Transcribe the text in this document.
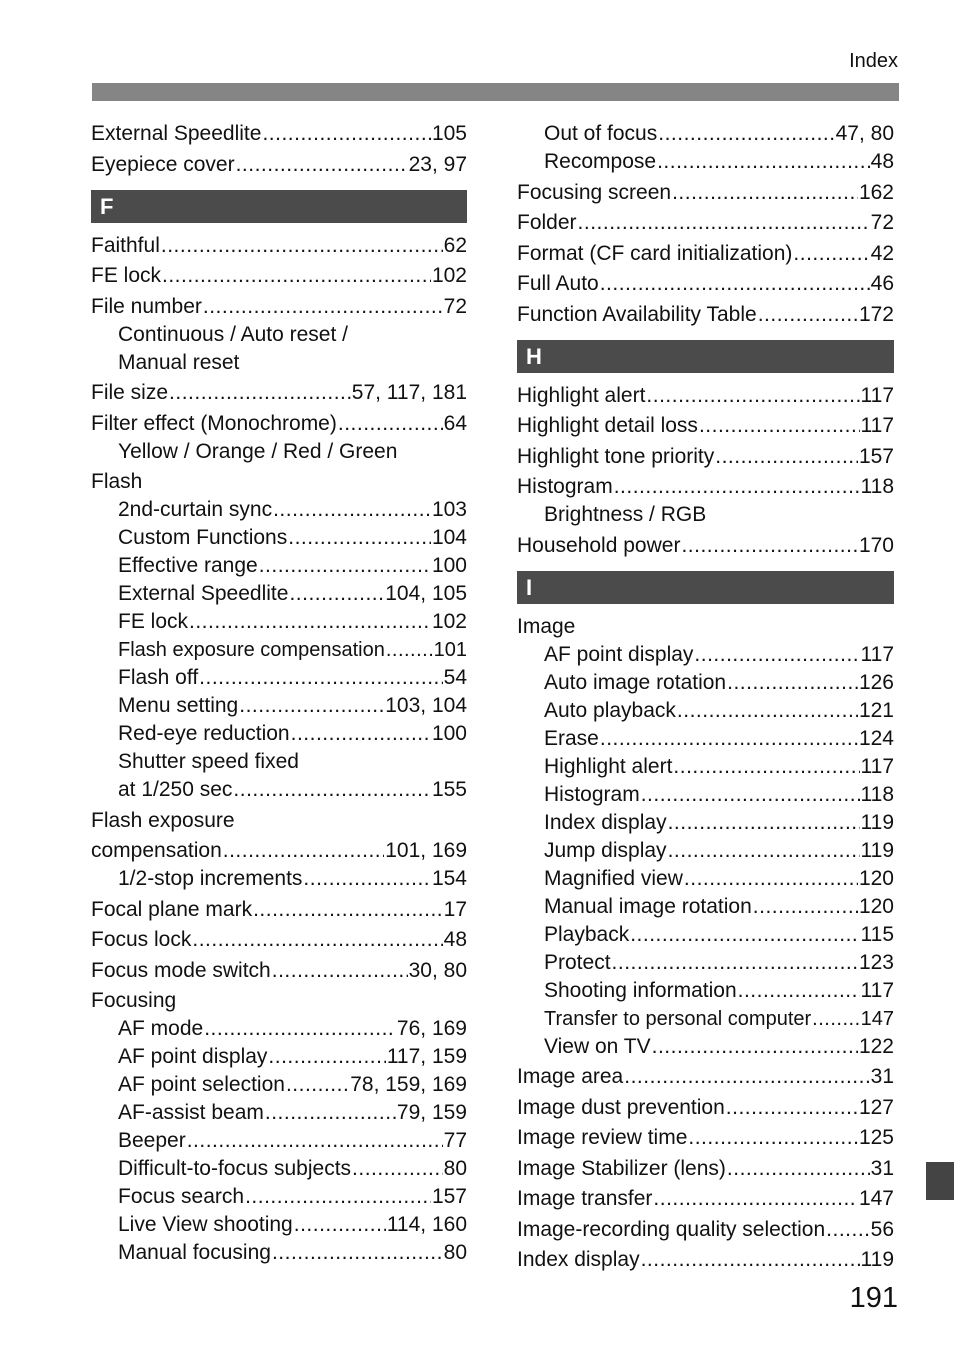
Index
External Speedlite .....	105
Eyepiece cover .....	23, 97
F
Faithful .....	62
FE lock .....	102
File number .....	72
Continuous / Auto reset /
Manual reset
File size .....	57, 117, 181
Filter effect (Monochrome) .....	64
Yellow / Orange / Red / Green
Flash
2nd-curtain sync .....	103
Custom Functions .....	104
Effective range .....	100
External Speedlite .....	104, 105
FE lock .....	102
Flash exposure compensation ..... 101
Flash off .....	54
Menu setting .....	103, 104
Red-eye reduction .....	100
Shutter speed fixed
at 1/250 sec .....	155
Flash exposure
compensation .....	101, 169
1/2-stop increments .....	154
Focal plane mark .....	17
Focus lock .....	48
Focus mode switch .....	30, 80
Focusing
AF mode .....	76, 169
AF point display .....	117, 159
AF point selection .....	78, 159, 169
AF-assist beam .....	79, 159
Beeper .....	77
Difficult-to-focus subjects .....	80
Focus search .....	157
Live View shooting .....	114, 160
Manual focusing .....	80
Out of focus .....	47, 80
Recompose .....	48
Focusing screen .....	162
Folder .....	72
Format (CF card initialization) .....	42
Full Auto .....	46
Function Availability Table .....	172
H
Highlight alert .....	117
Highlight detail loss .....	117
Highlight tone priority .....	157
Histogram .....	118
Brightness / RGB
Household power .....	170
I
Image
AF point display .....	117
Auto image rotation .....	126
Auto playback .....	121
Erase .....	124
Highlight alert .....	117
Histogram .....	118
Index display .....	119
Jump display .....	119
Magnified view .....	120
Manual image rotation .....	120
Playback .....	115
Protect .....	123
Shooting information .....	117
Transfer to personal computer ..... 147
View on TV .....	122
Image area .....	31
Image dust prevention .....	127
Image review time .....	125
Image Stabilizer (lens) .....	31
Image transfer .....	147
Image-recording quality selection ..... 56
Index display .....	119
191
